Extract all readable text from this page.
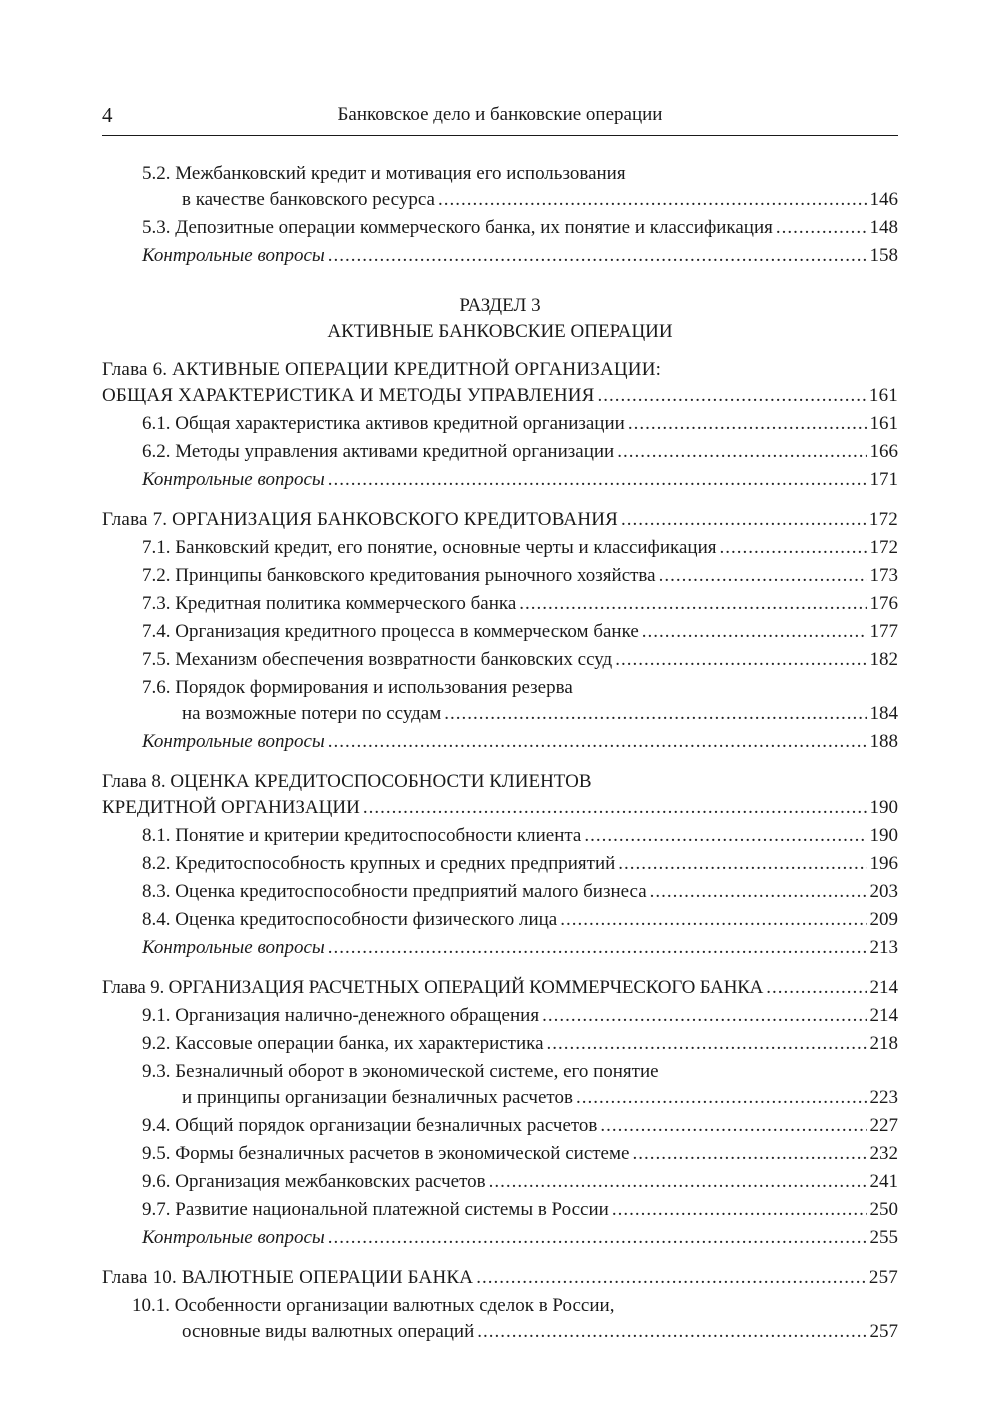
4	Банковское дело и банковские операции
5.2. Межбанковский кредит и мотивация его использования
в качестве банковского ресурса .....	146
5.3. Депозитные операции коммерческого банка, их понятие и классификация .....	148
Контрольные вопросы .....	158
РАЗДЕЛ 3
АКТИВНЫЕ БАНКОВСКИЕ ОПЕРАЦИИ
Глава 6. АКТИВНЫЕ ОПЕРАЦИИ КРЕДИТНОЙ ОРГАНИЗАЦИИ:
ОБЩАЯ ХАРАКТЕРИСТИКА И МЕТОДЫ УПРАВЛЕНИЯ .....	161
6.1. Общая характеристика активов кредитной организации .....	161
6.2. Методы управления активами кредитной организации .....	166
Контрольные вопросы .....	171
Глава 7. ОРГАНИЗАЦИЯ БАНКОВСКОГО КРЕДИТОВАНИЯ .....	172
7.1. Банковский кредит, его понятие, основные черты и классификация .....	172
7.2. Принципы банковского кредитования рыночного хозяйства .....	173
7.3. Кредитная политика коммерческого банка .....	176
7.4. Организация кредитного процесса в коммерческом банке .....	177
7.5. Механизм обеспечения возвратности банковских ссуд .....	182
7.6. Порядок формирования и использования резерва
на возможные потери по ссудам .....	184
Контрольные вопросы .....	188
Глава 8. ОЦЕНКА КРЕДИТОСПОСОБНОСТИ КЛИЕНТОВ
КРЕДИТНОЙ ОРГАНИЗАЦИИ .....	190
8.1. Понятие и критерии кредитоспособности клиента .....	190
8.2. Кредитоспособность крупных и средних предприятий .....	196
8.3. Оценка кредитоспособности предприятий малого бизнеса .....	203
8.4. Оценка кредитоспособности физического лица .....	209
Контрольные вопросы .....	213
Глава 9. ОРГАНИЗАЦИЯ РАСЧЕТНЫХ ОПЕРАЦИЙ КОММЕРЧЕСКОГО БАНКА .....	214
9.1. Организация налично-денежного обращения .....	214
9.2. Кассовые операции банка, их характеристика .....	218
9.3. Безналичный оборот в экономической системе, его понятие
и принципы организации безналичных расчетов .....	223
9.4. Общий порядок организации безналичных расчетов .....	227
9.5. Формы безналичных расчетов в экономической системе .....	232
9.6. Организация межбанковских расчетов .....	241
9.7. Развитие национальной платежной системы в России .....	250
Контрольные вопросы .....	255
Глава 10. ВАЛЮТНЫЕ ОПЕРАЦИИ БАНКА .....	257
10.1. Особенности организации валютных сделок в России,
основные виды валютных операций .....	257
